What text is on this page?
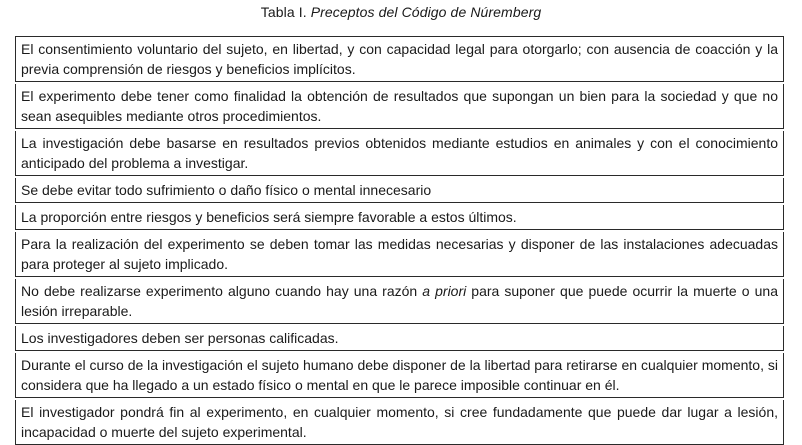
Tabla I. Preceptos del Código de Núremberg
El consentimiento voluntario del sujeto, en libertad, y con capacidad legal para otorgarlo; con ausencia de coacción y la previa comprensión de riesgos y beneficios implícitos.
El experimento debe tener como finalidad la obtención de resultados que supongan un bien para la sociedad y que no sean asequibles mediante otros procedimientos.
La investigación debe basarse en resultados previos obtenidos mediante estudios en animales y con el conocimiento anticipado del problema a investigar.
Se debe evitar todo sufrimiento o daño físico o mental innecesario
La proporción entre riesgos y beneficios será siempre favorable a estos últimos.
Para la realización del experimento se deben tomar las medidas necesarias y disponer de las instalaciones adecuadas para proteger al sujeto implicado.
No debe realizarse experimento alguno cuando hay una razón a priori para suponer que puede ocurrir la muerte o una lesión irreparable.
Los investigadores deben ser personas calificadas.
Durante el curso de la investigación el sujeto humano debe disponer de la libertad para retirarse en cualquier momento, si considera que ha llegado a un estado físico o mental en que le parece imposible continuar en él.
El investigador pondrá fin al experimento, en cualquier momento, si cree fundadamente que puede dar lugar a lesión, incapacidad o muerte del sujeto experimental.
